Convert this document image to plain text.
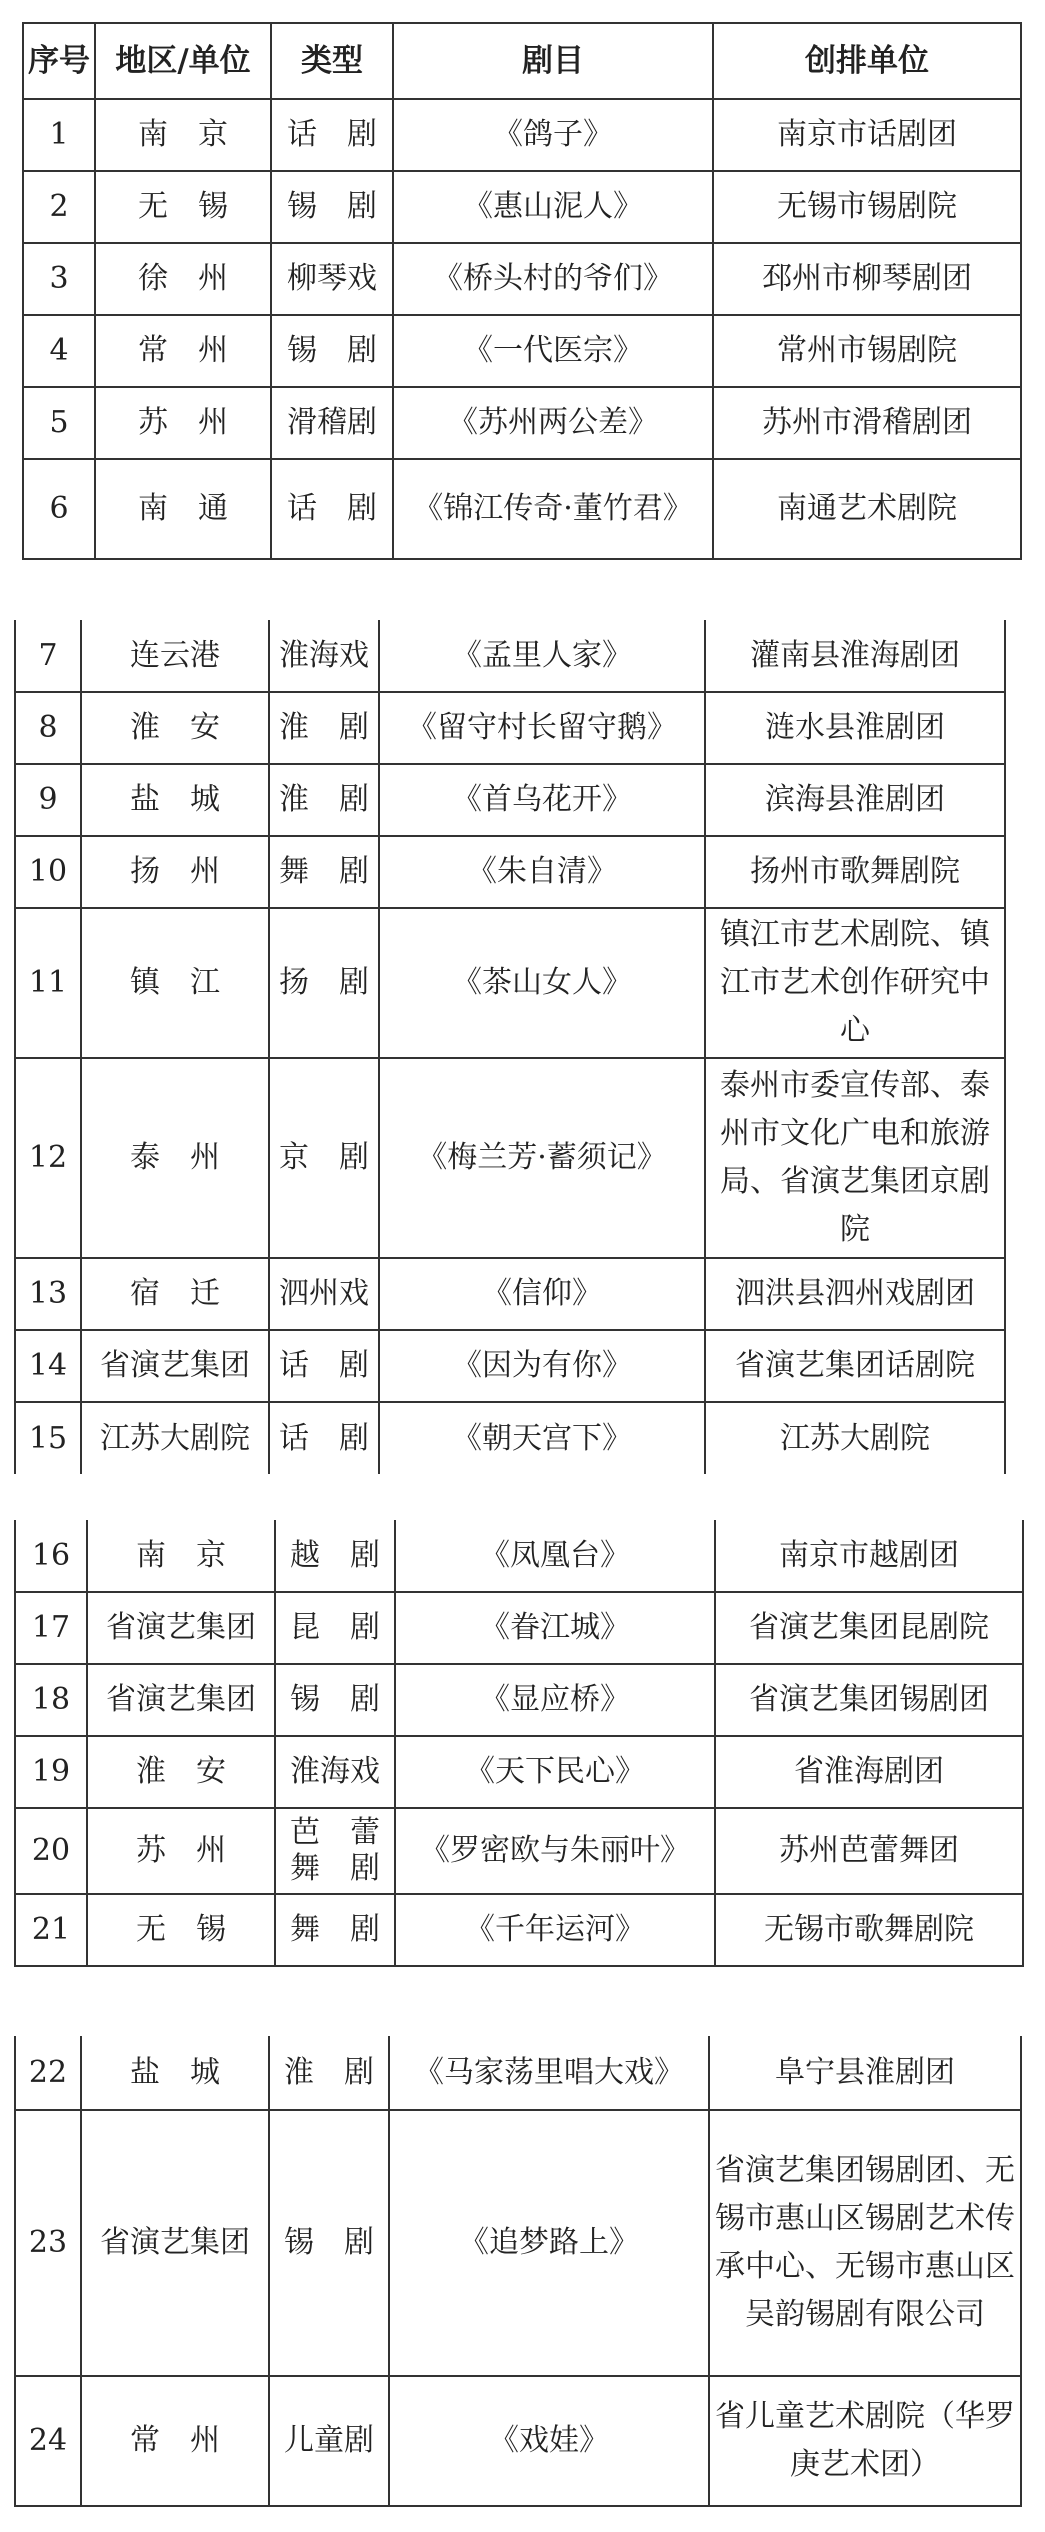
序号	地区/单位	类型	剧目	创排单位
1	南　京	话　剧	《鸽子》	南京市话剧团
2	无　锡	锡　剧	《惠山泥人》	无锡市锡剧院
3	徐　州	柳琴戏	《桥头村的爷们》	邳州市柳琴剧团
4	常　州	锡　剧	《一代医宗》	常州市锡剧院
5	苏　州	滑稽剧	《苏州两公差》	苏州市滑稽剧团
6	南　通	话　剧	《锦江传奇·董竹君》	南通艺术剧院
7	连云港	淮海戏	《孟里人家》	灌南县淮海剧团
8	淮　安	淮　剧	《留守村长留守鹅》	涟水县淮剧团
9	盐　城	淮　剧	《首乌花开》	滨海县淮剧团
10	扬　州	舞　剧	《朱自清》	扬州市歌舞剧院
11	镇　江	扬　剧	《茶山女人》	镇江市艺术剧院、镇江市艺术创作研究中心
12	泰　州	京　剧	《梅兰芳·蓄须记》	泰州市委宣传部、泰州市文化广电和旅游局、省演艺集团京剧院
13	宿　迁	泗州戏	《信仰》	泗洪县泗州戏剧团
14	省演艺集团	话　剧	《因为有你》	省演艺集团话剧院
15	江苏大剧院	话　剧	《朝天宫下》	江苏大剧院
16	南　京	越　剧	《凤凰台》	南京市越剧团
17	省演艺集团	昆　剧	《眷江城》	省演艺集团昆剧院
18	省演艺集团	锡　剧	《显应桥》	省演艺集团锡剧团
19	淮　安	淮海戏	《天下民心》	省淮海剧团
20	苏　州	芭　蕾舞　剧	《罗密欧与朱丽叶》	苏州芭蕾舞团
21	无　锡	舞　剧	《千年运河》	无锡市歌舞剧院
22	盐　城	淮　剧	《马家荡里唱大戏》	阜宁县淮剧团
23	省演艺集团	锡　剧	《追梦路上》	省演艺集团锡剧团、无锡市惠山区锡剧艺术传承中心、无锡市惠山区吴韵锡剧有限公司
24	常　州	儿童剧	《戏娃》	省儿童艺术剧院（华罗庚艺术团）
